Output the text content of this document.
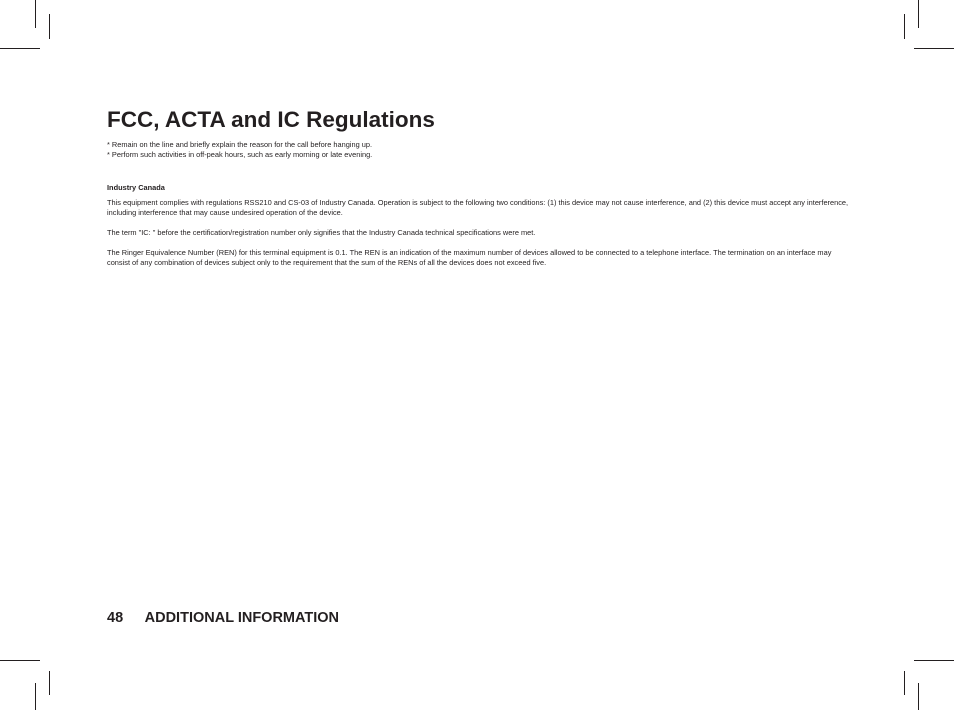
FCC, ACTA and IC Regulations

* Remain on the line and briefly explain the reason for the call before hanging up.
* Perform such activities in off-peak hours, such as early morning or late evening.

Industry Canada

This equipment complies with regulations RSS210 and CS-03 of Industry Canada. Operation is subject to the following two conditions: (1) this device may not cause interference, and (2) this device must accept any interference, including interference that may cause undesired operation of the device.

The term "IC: " before the certification/registration number only signifies that the Industry Canada technical specifications were met.

The Ringer Equivalence Number (REN) for this terminal equipment is 0.1. The REN is an indication of the maximum number of devices allowed to be connected to a telephone interface. The termination on an interface may consist of any combination of devices subject only to the requirement that the sum of the RENs of all the devices does not exceed five.

48 ADDITIONAL INFORMATION
